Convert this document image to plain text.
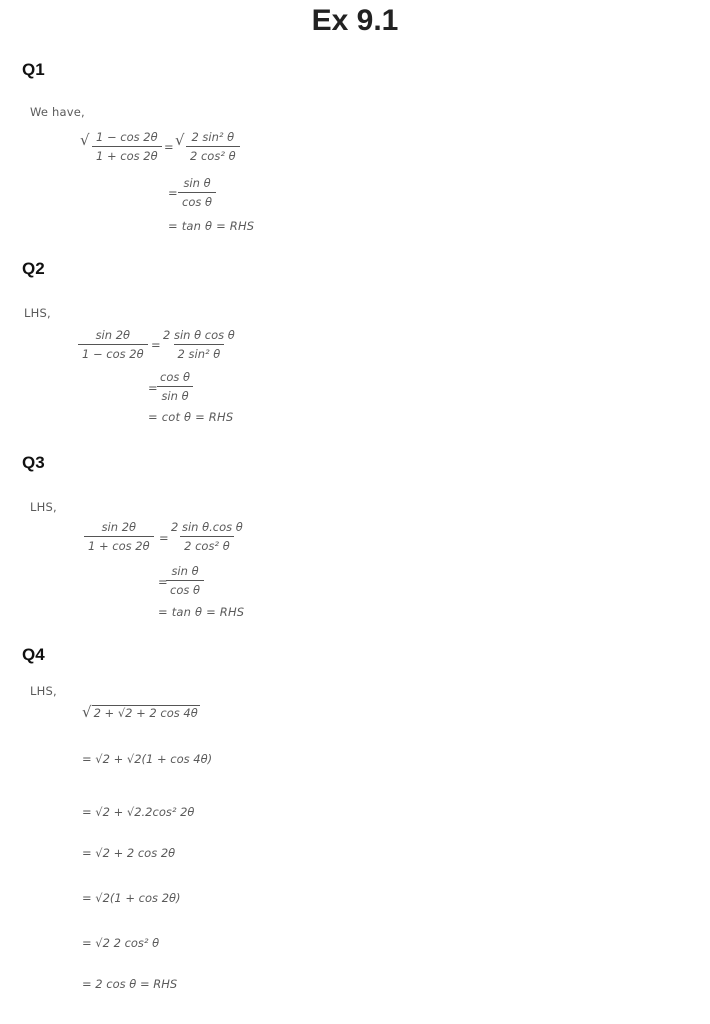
Ex 9.1
Q1
We have,
√ $\frac{1 - \cos 2\theta}{1 + \cos 2\theta}$ = √ $\frac{\text{2 sin² θ}}{\text{2 cos² θ}}$
= $\frac{\text{sin θ}}{\text{cos θ}}$
= tan θ = RHS
Q2
LHS,
$\frac{\sin 2\theta}{1 - \cos 2\theta}$ =
$\frac{\text{2 sin θ cos θ}}{\text{2 sin² θ}}$
=
$\frac{\text{cos θ}}{\text{sin θ}}$
= cot θ = RHS
Q3
LHS,
$\frac{\sin 2\theta}{1 + \cos 2\theta}$ =
$\frac{\text{2 sin θ.cos θ}}{\text{2 cos² θ}}$
=
$\frac{\text{sin θ}}{\text{cos θ}}$
= tan θ = RHS
Q4
LHS,
√ 2 + √2 + 2 cos 4θ
= √2 + √2(1 + cos 4θ)
= √2 + √2.2cos² 2θ
= √2 + 2 cos 2θ
= √2(1 + cos 2θ)
= √2 2 cos² θ
= 2 cos θ = RHS
